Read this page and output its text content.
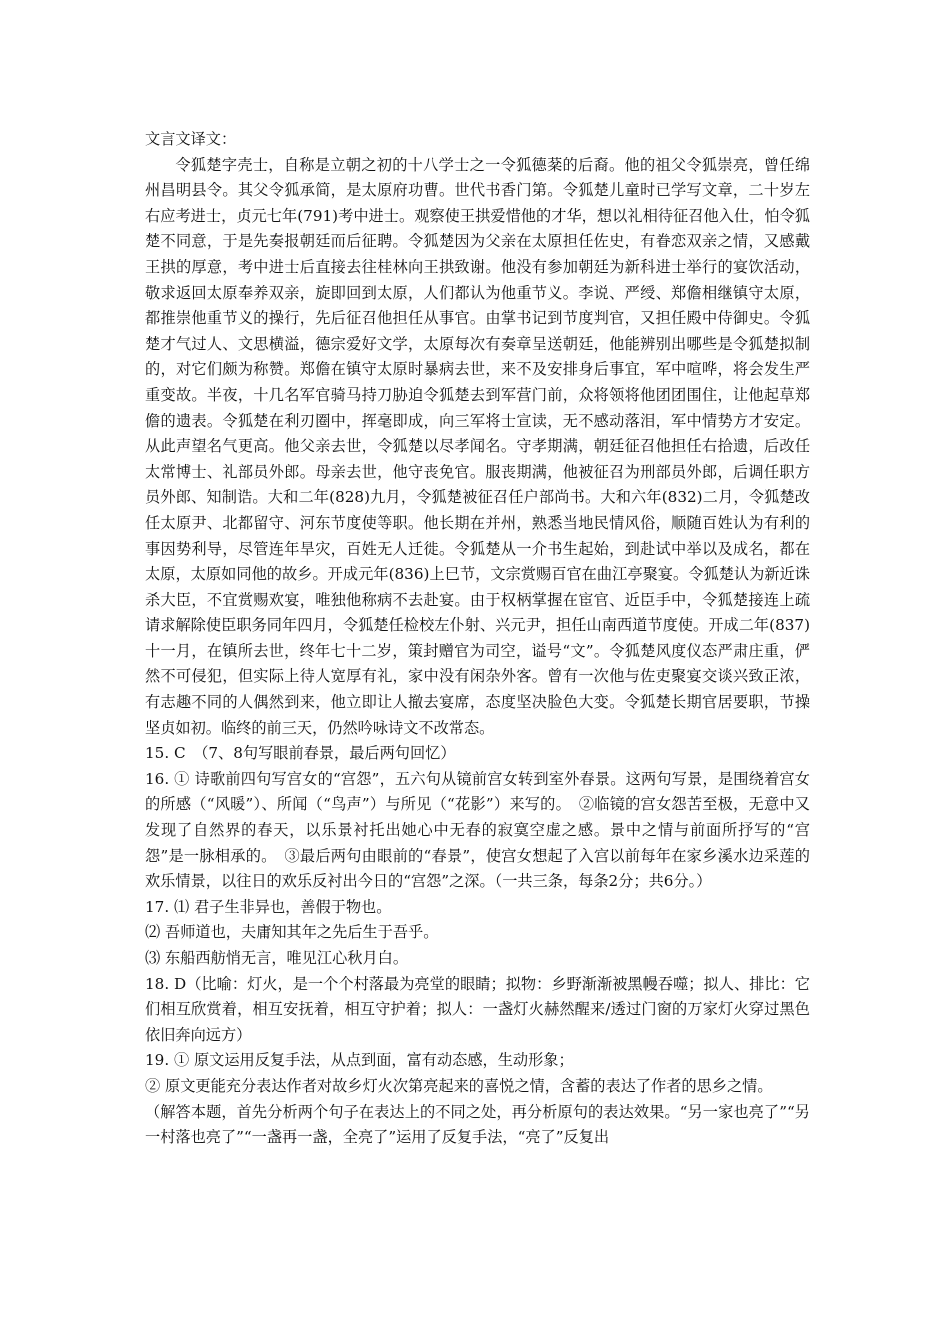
文言文译文：

令狐楚字壳士，自称是立朝之初的十八学士之一令狐德棻的后裔。他的祖父令狐崇亮，曾任绵州昌明县令。其父令狐承简，是太原府功曹。世代书香门第。令狐楚儿童时已学写文章，二十岁左右应考进士，贞元七年(791)考中进士。观察使王拱爱惜他的才华，想以礼相待征召他入仕，怕令狐楚不同意，于是先奏报朝廷而后征聘。令狐楚因为父亲在太原担任佐史，有眷恋双亲之情，又感戴王拱的厚意，考中进士后直接去往桂林向王拱致谢。他没有参加朝廷为新科进士举行的宴饮活动，敬求返回太原奉养双亲，旋即回到太原，人们都认为他重节义。李说、严绶、郑儋相继镇守太原，都推崇他重节义的操行，先后征召他担任从事官。由掌书记到节度判官，又担任殿中侍御史。令狐楚才气过人、文思横溢，德宗爱好文学，太原每次有奏章呈送朝廷，他能辨别出哪些是令狐楚拟制的，对它们颇为称赞。郑儋在镇守太原时暴病去世，来不及安排身后事宜，军中喧哗，将会发生严重变故。半夜，十几名军官骑马持刀胁迫令狐楚去到军营门前，众将领将他团团围住，让他起草郑儋的遗表。令狐楚在利刃圈中，挥毫即成，向三军将士宣读，无不感动落泪，军中情势方才安定。从此声望名气更高。他父亲去世，令狐楚以尽孝闻名。守孝期满，朝廷征召他担任右拾遗，后改任太常博士、礼部员外郎。母亲去世，他守丧免官。服丧期满，他被征召为刑部员外郎，后调任职方员外郎、知制诰。大和二年(828)九月，令狐楚被征召任户部尚书。大和六年(832)二月，令狐楚改任太原尹、北都留守、河东节度使等职。他长期在并州，熟悉当地民情风俗，顺随百姓认为有利的事因势利导，尽管连年旱灾，百姓无人迁徙。令狐楚从一介书生起始，到赴试中举以及成名，都在太原，太原如同他的故乡。开成元年(836)上巳节，文宗赏赐百官在曲江亭聚宴。令狐楚认为新近诛杀大臣，不宜赏赐欢宴，唯独他称病不去赴宴。由于权柄掌握在宦官、近臣手中，令狐楚接连上疏请求解除使臣职务同年四月，令狐楚任检校左仆射、兴元尹，担任山南西道节度使。开成二年(837)十一月，在镇所去世，终年七十二岁，策封赠官为司空，谥号“文”。令狐楚风度仪态严肃庄重，俨然不可侵犯，但实际上待人宽厚有礼，家中没有闲杂外客。曾有一次他与佐吏聚宴交谈兴致正浓，有志趣不同的人偶然到来，他立即让人撤去宴席，态度坚决脸色大变。令狐楚长期官居要职，节操坚贞如初。临终的前三天，仍然吟咏诗文不改常态。

15. C　（7、8句写眼前春景，最后两句回忆）

16. ① 诗歌前四句写宫女的“宫怨”，五六句从镜前宫女转到室外春景。这两句写景，是围绕着宫女的所感（“风暖”）、所闻（“鸟声”）与所见（“花影”）来写的。　②临镜的宫女怨苦至极，无意中又发现了自然界的春天，以乐景衬托出她心中无春的寂寞空虚之感。景中之情与前面所抒写的“宫怨”是一脉相承的。　③最后两句由眼前的“春景”，使宫女想起了入宫以前每年在家乡溪水边采莲的欢乐情景，以往日的欢乐反衬出今日的“宫怨”之深。（一共三条，每条2分；共6分。）

17. ⑴ 君子生非异也，善假于物也。

⑵ 吾师道也，夫庸知其年之先后生于吾乎。

⑶ 东船西舫悄无言，唯见江心秋月白。

18. D（比喻：灯火，是一个个村落最为亮堂的眼睛；拟物：乡野渐渐被黑幔吞噬；拟人、排比：它们相互欣赏着，相互安抚着，相互守护着；拟人：一盏灯火赫然醒来/透过门窗的万家灯火穿过黑色依旧奔向远方）

19. ① 原文运用反复手法，从点到面，富有动态感，生动形象；

② 原文更能充分表达作者对故乡灯火次第亮起来的喜悦之情，含蓄的表达了作者的思乡之情。

（解答本题，首先分析两个句子在表达上的不同之处，再分析原句的表达效果。“另一家也亮了”“另一村落也亮了”“一盏再一盏，全亮了”运用了反复手法，“亮了”反复出
